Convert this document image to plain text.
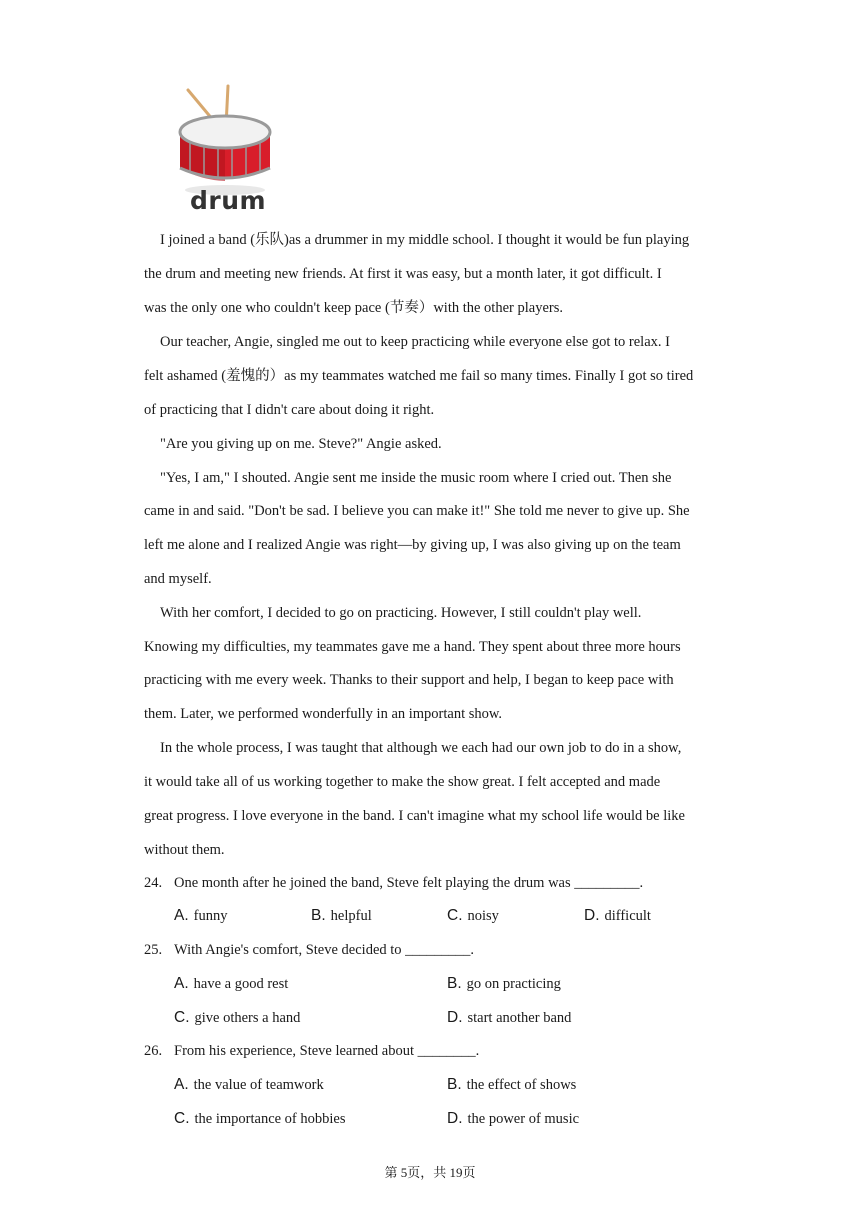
drum
I joined a band (乐队)as a drummer in my middle school. I thought it would be fun playing
the drum and meeting new friends. At first it was easy, but a month later, it got difficult. I
was the only one who couldn't keep pace (节奏）with the other players.
Our teacher, Angie, singled me out to keep practicing while everyone else got to relax. I
felt ashamed (羞愧的）as my teammates watched me fail so many times. Finally I got so tired
of practicing that I didn't care about doing it right.
"Are you giving up on me. Steve?" Angie asked.
"Yes, I am," I shouted. Angie sent me inside the music room where I cried out. Then she
came in and said. "Don't be sad. I believe you can make it!" She told me never to give up. She
left me alone and I realized Angie was right—by giving up, I was also giving up on the team
and myself.
With her comfort, I decided to go on practicing. However, I still couldn't play well.
Knowing my difficulties, my teammates gave me a hand. They spent about three more hours
practicing with me every week. Thanks to their support and help, I began to keep pace with
them. Later, we performed wonderfully in an important show.
In the whole process, I was taught that although we each had our own job to do in a show,
it would take all of us working together to make the show great. I felt accepted and made
great progress. I love everyone in the band. I can't imagine what my school life would be like
without them.
24. One month after he joined the band, Steve felt playing the drum was _________.
A. funny	B. helpful	C. noisy	D. difficult
25. With Angie's comfort, Steve decided to _________.
A. have a good rest	B. go on practicing
C. give others a hand	D. start another band
26. From his experience, Steve learned about ________.
A. the value of teamwork	B. the effect of shows
C. the importance of hobbies	D. the power of music
第 5页，共 19页
